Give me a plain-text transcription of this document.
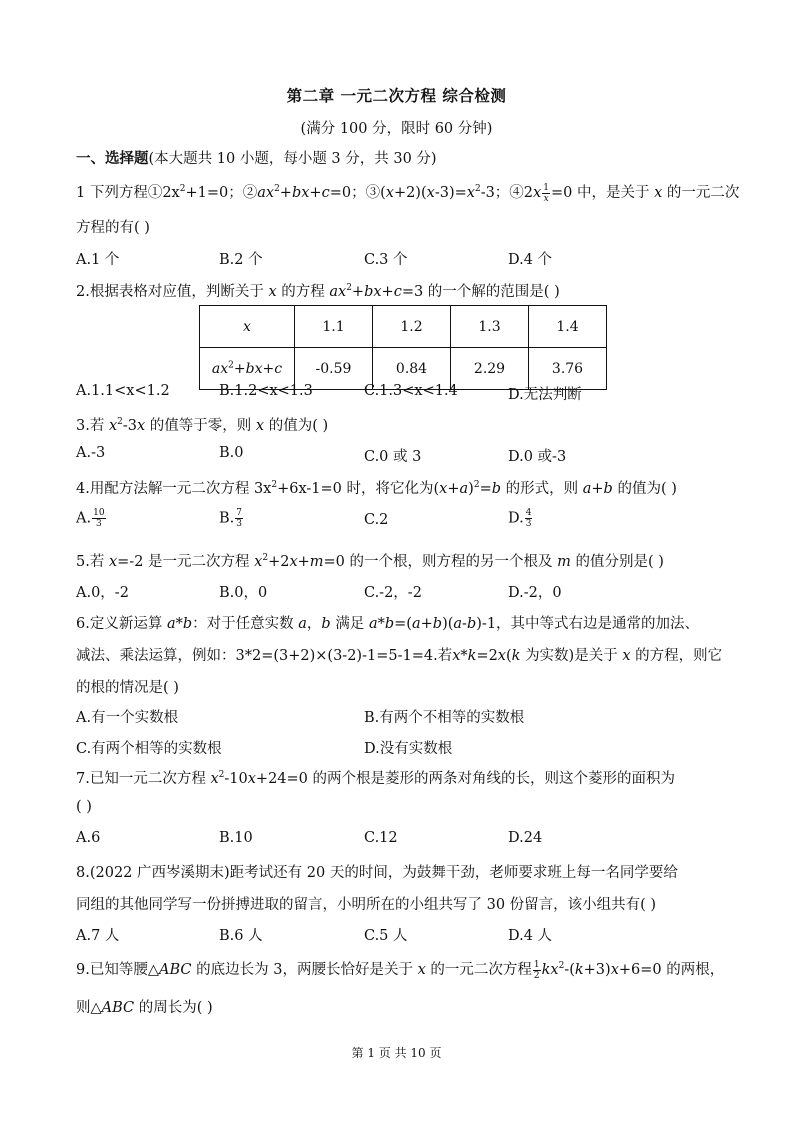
第二章 一元二次方程 综合检测
(满分 100 分，限时 60 分钟)
一、选择题(本大题共 10 小题，每小题 3 分，共 30 分)
1 下列方程$①2x^2+1=0$；$②ax^2+bx+c=0$；$③(x+2)(x-3)=x^2-3$；④2x $\frac{1}{x} =0$ 中，是关于 x 的一元二次
方程的有( )
A.1 个	B.2 个	C.3 个	D.4 个
2.根据表格对应值，判断关于 x 的方程 $ax^2+bx+c=3$ 的一个解的范围是( )
x	1.1	1.2	1.3	1.4
$ax^2+bx+c$	-0.59	0.84	2.29	3.76
A.1.1<x<1.2	B.1.2<x<1.3	C.1.3<x<1.4	D.无法判断
3.若 $x^2-3x$ 的值等于零，则 x 的值为( )
A.-3	B.0	C.0 或 3	D.0 或-3
4.用配方法解一元二次方程 $3x^2+6x-1=0$ 时，将它化为$(x+a)^2=b$ 的形式，则 a+b 的值为( )
A. $\frac{10}{3}$	B. $\frac{7}{3}$	C.2	D. $\frac{4}{3}$
5.若 x=-2 是一元二次方程 $x^2+2x+m=0$ 的一个根，则方程的另一个根及 m 的值分别是( )
A.0，-2	B.0，0	C.-2，-2	D.-2，0
6.定义新运算 a*b：对于任意实数 a，b 满足 a*b=(a+b)(a-b)-1，其中等式右边是通常的加法、
减法、乘法运算，例如：3*2=(3+2)×(3-2)-1=5-1=4.若x*k=2x(k 为实数)是关于 x 的方程，则它
的根的情况是( )
A.有一个实数根	B.有两个不相等的实数根
C.有两个相等的实数根	D.没有实数根
7.已知一元二次方程 $x^2-10x+24=0$ 的两个根是菱形的两条对角线的长，则这个菱形的面积为
( )
A.6	B.10	C.12	D.24
8.(2022 广西岑溪期末)距考试还有 20 天的时间，为鼓舞干劲，老师要求班上每一名同学要给
同组的其他同学写一份拼搏进取的留言，小明所在的小组共写了 30 份留言，该小组共有( )
A.7 人	B.6 人	C.5 人	D.4 人
9.已知等腰△ABC 的底边长为 3，两腰长恰好是关于 x 的一元二次方程 $\frac{1}{2} kx^2-(k+3)x+6=0$ 的两根，
则△ABC 的周长为( )
第 1 页 共 10 页
